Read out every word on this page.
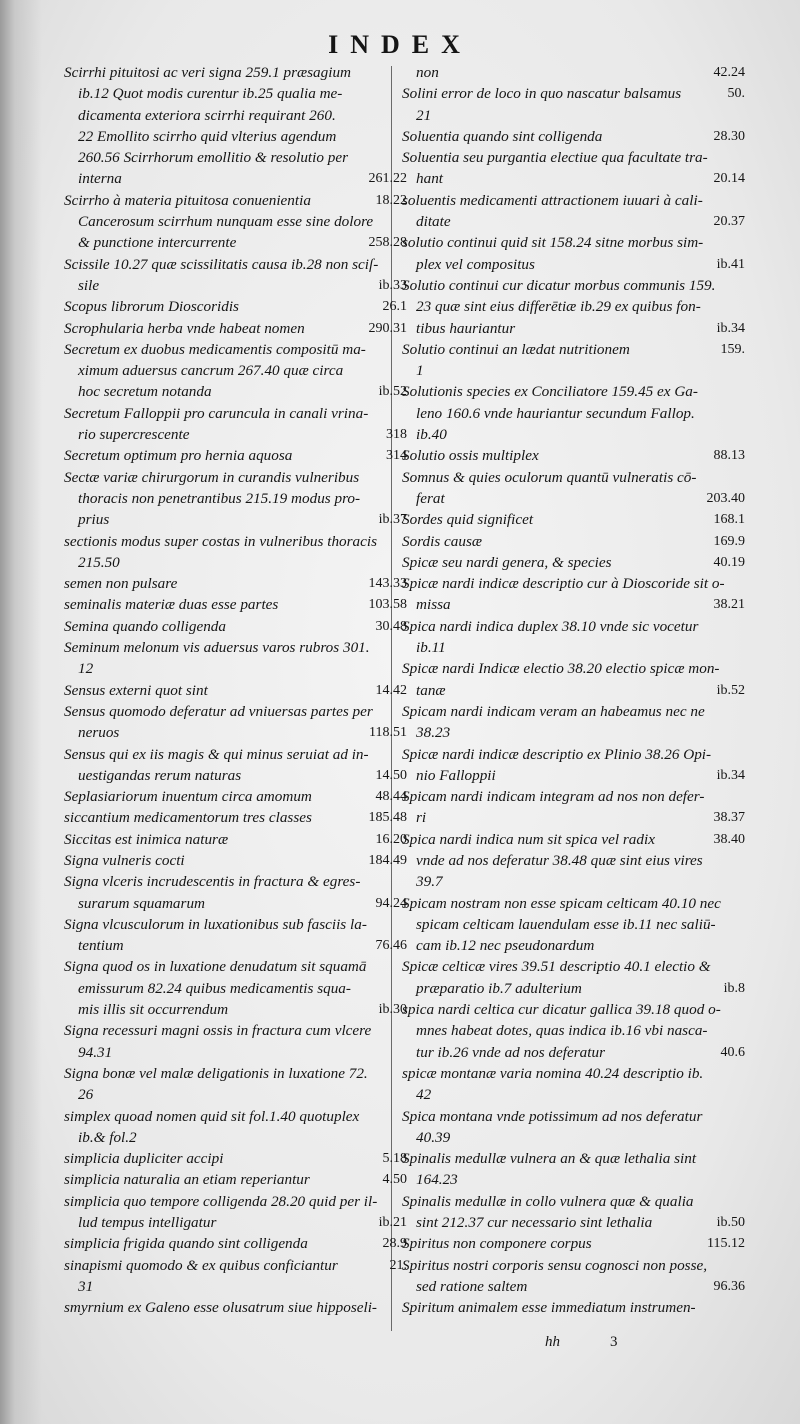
INDEX
Scirrhi pituitosi ac veri signa 259.1 præsagium
ib.12 Quot modis curentur ib.25 qualia me-
dicamenta exteriora scirrhi requirant 260.
22 Emollito scirrho quid vlterius agendum
260.56 Scirrhorum emollitio & resolutio per
interna	261.22
Scirrho à materia pituitosa conuenientia	18.22
Cancerosum scirrhum nunquam esse sine dolore
& punctione intercurrente	258.28
Scissile 10.27 quæ scissilitatis causa ib.28 non sciſ-
sile	ib.33
Scopus librorum Dioscoridis	26.1
Scrophularia herba vnde habeat nomen	290.31
Secretum ex duobus medicamentis compositū ma-
ximum aduersus cancrum 267.40 quæ circa
hoc secretum notanda	ib.52
Secretum Falloppii pro caruncula in canali vrina-
rio supercrescente	318
Secretum optimum pro hernia aquosa	314
Sectæ variæ chirurgorum in curandis vulneribus
thoracis non penetrantibus 215.19 modus pro-
prius	ib.37
sectionis modus super costas in vulneribus thoracis
215.50
semen non pulsare	143.33
seminalis materiæ duas esse partes	103.58
Semina quando colligenda	30.48
Seminum melonum vis aduersus varos rubros 301.
12
Sensus externi quot sint	14.42
Sensus quomodo deferatur ad vniuersas partes per
neruos	118.51
Sensus qui ex iis magis & qui minus seruiat ad in-
uestigandas rerum naturas	14.50
Seplasiariorum inuentum circa amomum	48.44
siccantium medicamentorum tres classes	185.48
Siccitas est inimica naturæ	16.20
Signa vulneris cocti	184.49
Signa vlceris incrudescentis in fractura & egres-
surarum squamarum	94.24
Signa vlcusculorum in luxationibus sub fasciis la-
tentium	76.46
Signa quod os in luxatione denudatum sit squamā
emissurum 82.24 quibus medicamentis squa-
mis illis sit occurrendum	ib.30
Signa recessuri magni ossis in fractura cum vlcere
94.31
Signa bonæ vel malæ deligationis in luxatione 72.
26
simplex quoad nomen quid sit fol.1.40 quotuplex
ib.& fol.2
simplicia dupliciter accipi	5.18
simplicia naturalia an etiam reperiantur	4.50
simplicia quo tempore colligenda 28.20 quid per il-
lud tempus intelligatur	ib.21
simplicia frigida quando sint colligenda	28.9
sinapismi quomodo & ex quibus conficiantur	21.
31
smyrnium ex Galeno esse olusatrum siue hipposeli-
non	42.24
Solini error de loco in quo nascatur balsamus	50.
21
Soluentia quando sint colligenda	28.30
Soluentia seu purgantia electiue qua facultate tra-
hant	20.14
soluentis medicamenti attractionem iuuari à cali-
ditate	20.37
solutio continui quid sit 158.24 sitne morbus sim-
plex vel compositus	ib.41
Solutio continui cur dicatur morbus communis 159.
23 quæ sint eius differētiæ ib.29 ex quibus fon-
tibus hauriantur	ib.34
Solutio continui an lædat nutritionem	159.
1
Solutionis species ex Conciliatore 159.45 ex Ga-
leno 160.6 vnde hauriantur secundum Fallop.
ib.40
Solutio ossis multiplex	88.13
Somnus & quies oculorum quantū vulneratis cō-
ferat	203.40
Sordes quid significet	168.1
Sordis causæ	169.9
Spicæ seu nardi genera, & species	40.19
Spicæ nardi indicæ descriptio cur à Dioscoride sit o-
missa	38.21
Spica nardi indica duplex 38.10 vnde sic vocetur
ib.11
Spicæ nardi Indicæ electio 38.20 electio spicæ mon-
tanæ	ib.52
Spicam nardi indicam veram an habeamus nec ne
38.23
Spicæ nardi indicæ descriptio ex Plinio 38.26 Opi-
nio Falloppii	ib.34
Spicam nardi indicam integram ad nos non defer-
ri	38.37
Spica nardi indica num sit spica vel radix	38.40
vnde ad nos deferatur 38.48 quæ sint eius vires
39.7
Spicam nostram non esse spicam celticam 40.10 nec
spicam celticam lauendulam esse ib.11 nec saliū-
cam ib.12 nec pseudonardum
Spicæ celticæ vires 39.51 descriptio 40.1 electio &
præparatio ib.7 adulterium	ib.8
spica nardi celtica cur dicatur gallica 39.18 quod o-
mnes habeat dotes, quas indica ib.16 vbi nasca-
tur ib.26 vnde ad nos deferatur	40.6
spicæ montanæ varia nomina 40.24 descriptio ib.
42
Spica montana vnde potissimum ad nos deferatur
40.39
Spinalis medullæ vulnera an & quæ lethalia sint
164.23
Spinalis medullæ in collo vulnera quæ & qualia
sint 212.37 cur necessario sint lethalia	ib.50
Spiritus non componere corpus	115.12
Spiritus nostri corporis sensu cognosci non posse,
sed ratione saltem	96.36
Spiritum animalem esse immediatum instrumen-
hh	3
